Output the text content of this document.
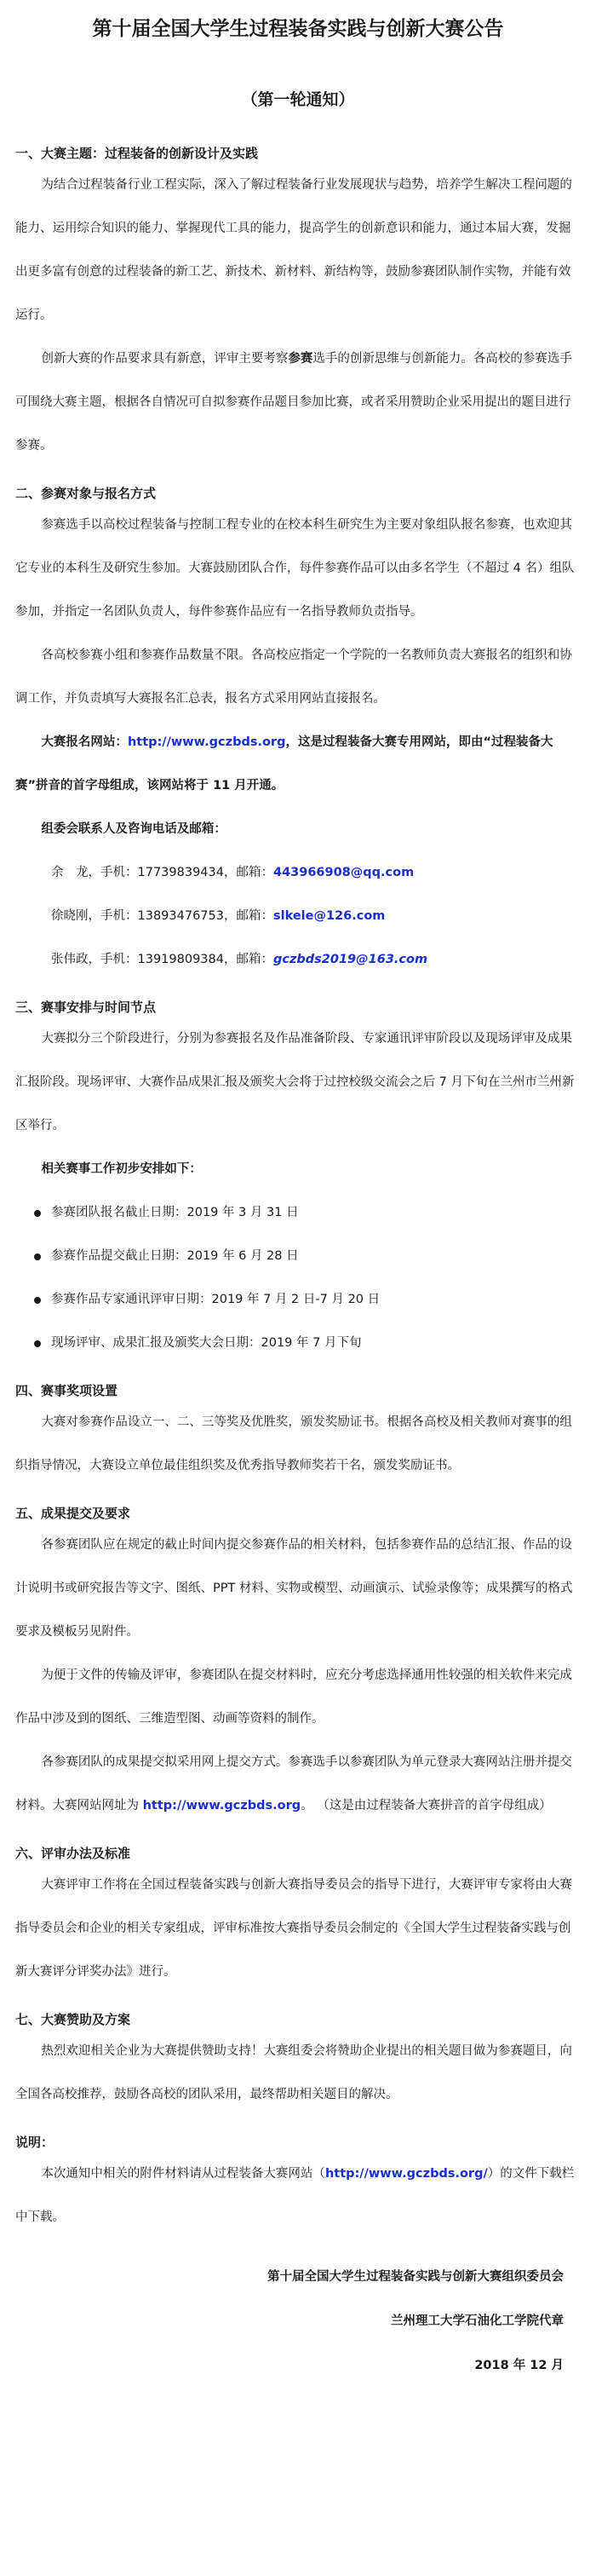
第十届全国大学生过程装备实践与创新大赛公告
（第一轮通知）
一、大赛主题：过程装备的创新设计及实践

为结合过程装备行业工程实际，深入了解过程装备行业发展现状与趋势，培养学生解决工程问题的能力、运用综合知识的能力、掌握现代工具的能力，提高学生的创新意识和能力，通过本届大赛，发掘出更多富有创意的过程装备的新工艺、新技术、新材料、新结构等，鼓励参赛团队制作实物，并能有效运行。

创新大赛的作品要求具有新意，评审主要考察参赛选手的创新思维与创新能力。各高校的参赛选手可围绕大赛主题，根据各自情况可自拟参赛作品题目参加比赛，或者采用赞助企业采用提出的题目进行参赛。

二、参赛对象与报名方式

参赛选手以高校过程装备与控制工程专业的在校本科生研究生为主要对象组队报名参赛，也欢迎其它专业的本科生及研究生参加。大赛鼓励团队合作，每件参赛作品可以由多名学生（不超过 4 名）组队参加，并指定一名团队负责人，每件参赛作品应有一名指导教师负责指导。

各高校参赛小组和参赛作品数量不限。各高校应指定一个学院的一名教师负责大赛报名的组织和协调工作，并负责填写大赛报名汇总表，报名方式采用网站直接报名。

大赛报名网站：http://www.gczbds.org，这是过程装备大赛专用网站，即由“过程装备大赛”拼音的首字母组成，该网站将于 11 月开通。

组委会联系人及咨询电话及邮箱：

余　龙，手机：17739839434，邮箱：443966908@qq.com
徐晓刚，手机：13893476753，邮箱：slkele@126.com
张伟政，手机：13919809384，邮箱：gczbds2019@163.com
三、赛事安排与时间节点

大赛拟分三个阶段进行，分别为参赛报名及作品准备阶段、专家通讯评审阶段以及现场评审及成果汇报阶段。现场评审、大赛作品成果汇报及颁奖大会将于过控校级交流会之后 7 月下旬在兰州市兰州新区举行。

相关赛事工作初步安排如下：

参赛团队报名截止日期：2019 年 3 月 31 日
参赛作品提交截止日期：2019 年 6 月 28 日
参赛作品专家通讯评审日期：2019 年 7 月 2 日-7 月 20 日
现场评审、成果汇报及颁奖大会日期：2019 年 7 月下旬
四、赛事奖项设置

大赛对参赛作品设立一、二、三等奖及优胜奖，颁发奖励证书。根据各高校及相关教师对赛事的组织指导情况，大赛设立单位最佳组织奖及优秀指导教师奖若干名，颁发奖励证书。

五、成果提交及要求

各参赛团队应在规定的截止时间内提交参赛作品的相关材料，包括参赛作品的总结汇报、作品的设计说明书或研究报告等文字、图纸、PPT 材料、实物或模型、动画演示、试验录像等；成果撰写的格式要求及模板另见附件。

为便于文件的传输及评审，参赛团队在提交材料时，应充分考虑选择通用性较强的相关软件来完成作品中涉及到的图纸、三维造型图、动画等资料的制作。

各参赛团队的成果提交拟采用网上提交方式。参赛选手以参赛团队为单元登录大赛网站注册并提交材料。大赛网站网址为 http://www.gczbds.org。 （这是由过程装备大赛拼音的首字母组成）

六、评审办法及标准

大赛评审工作将在全国过程装备实践与创新大赛指导委员会的指导下进行，大赛评审专家将由大赛指导委员会和企业的相关专家组成，评审标准按大赛指导委员会制定的《全国大学生过程装备实践与创新大赛评分评奖办法》进行。

七、大赛赞助及方案

热烈欢迎相关企业为大赛提供赞助支持！大赛组委会将赞助企业提出的相关题目做为参赛题目，向全国各高校推荐，鼓励各高校的团队采用，最终帮助相关题目的解决。

说明：

本次通知中相关的附件材料请从过程装备大赛网站（http://www.gczbds.org/）的文件下载栏中下载。

第十届全国大学生过程装备实践与创新大赛组织委员会
兰州理工大学石油化工学院代章
2018 年 12 月
